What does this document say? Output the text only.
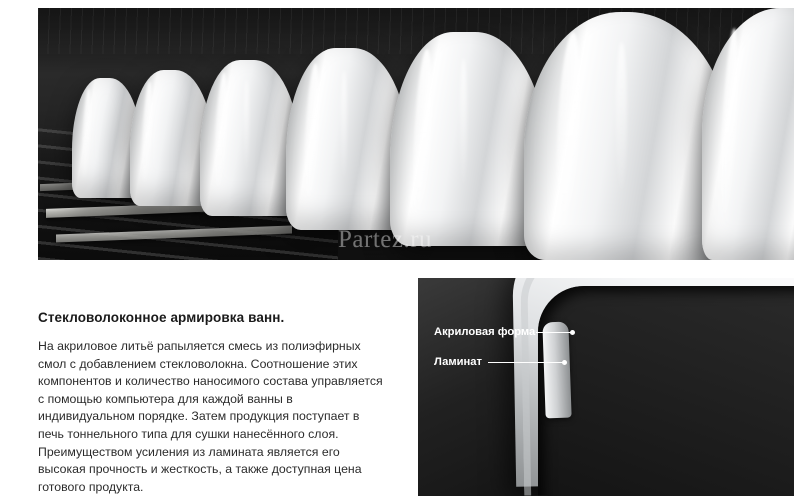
Partez.ru
Стекловолоконное армировка ванн.

На акриловое литьё рапыляется смесь из полиэфирных смол с добавлением стекловолокна. Соотношение этих компонентов и количество наносимого состава управляется с помощью компьютера для каждой ванны в индивидуальном порядке. Затем продукция поступает в печь тоннельного типа для сушки нанесённого слоя. Преимуществом усиления из ламината является его высокая прочность и жесткость, а также доступная цена готового продукта.

Акриловая форма
Ламинат
